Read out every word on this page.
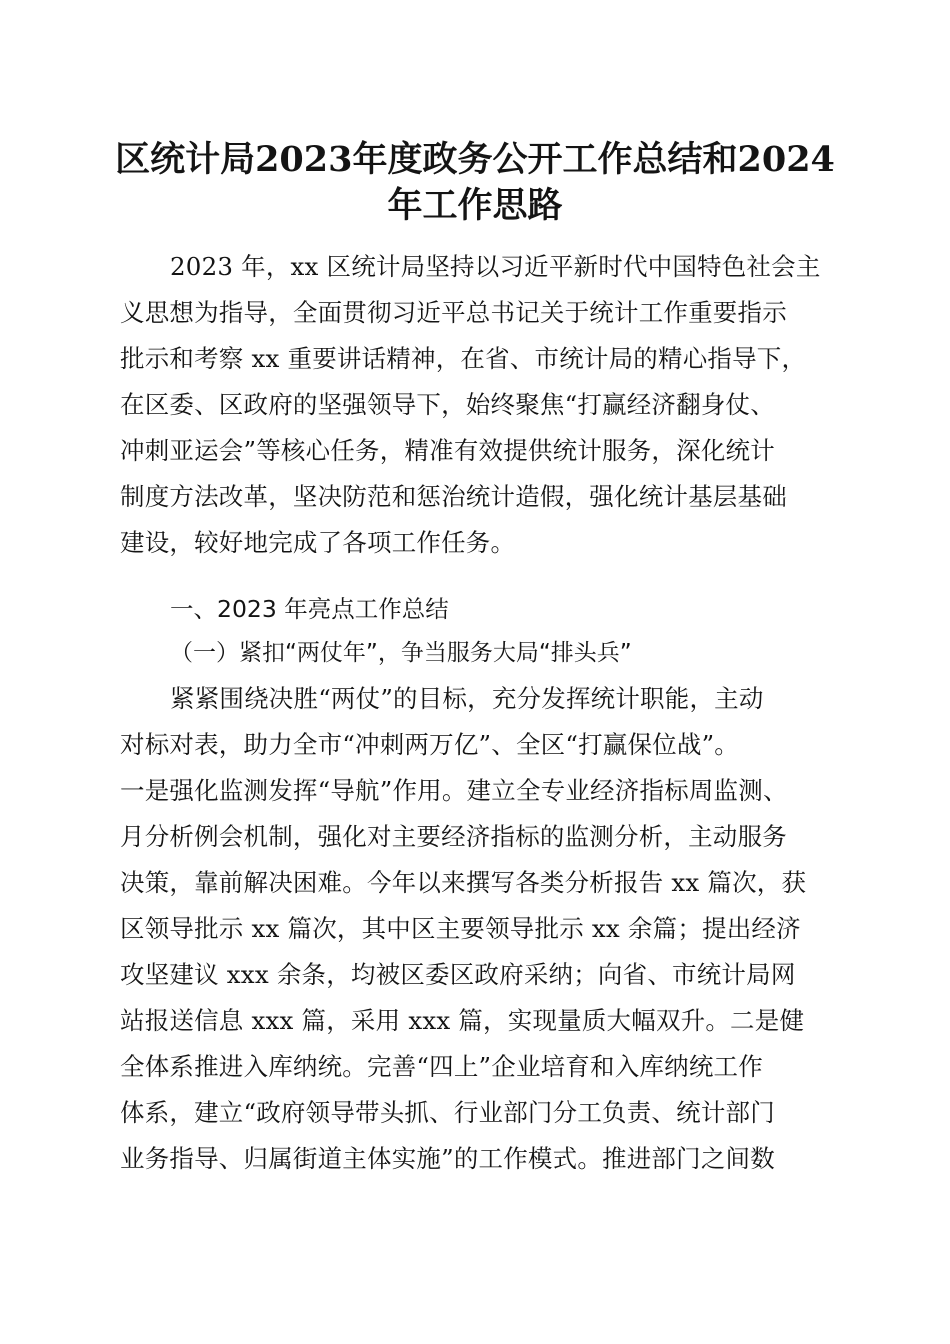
区统计局2023年度政务公开工作总结和2024
年工作思路
2023 年，xx 区统计局坚持以习近平新时代中国特色社会主
义思想为指导，全面贯彻习近平总书记关于统计工作重要指示
批示和考察 xx 重要讲话精神，在省、市统计局的精心指导下，
在区委、区政府的坚强领导下，始终聚焦“打赢经济翻身仗、
冲刺亚运会”等核心任务，精准有效提供统计服务，深化统计
制度方法改革，坚决防范和惩治统计造假，强化统计基层基础
建设，较好地完成了各项工作任务。
一、2023 年亮点工作总结
（一）紧扣“两仗年”，争当服务大局“排头兵”
紧紧围绕决胜“两仗”的目标，充分发挥统计职能，主动
对标对表，助力全市“冲刺两万亿”、全区“打赢保位战”。
一是强化监测发挥“导航”作用。建立全专业经济指标周监测、
月分析例会机制，强化对主要经济指标的监测分析，主动服务
决策，靠前解决困难。今年以来撰写各类分析报告 xx 篇次，获
区领导批示 xx 篇次，其中区主要领导批示 xx 余篇；提出经济
攻坚建议 xxx 余条，均被区委区政府采纳；向省、市统计局网
站报送信息 xxx 篇，采用 xxx 篇，实现量质大幅双升。二是健
全体系推进入库纳统。完善“四上”企业培育和入库纳统工作
体系，建立“政府领导带头抓、行业部门分工负责、统计部门
业务指导、归属街道主体实施”的工作模式。推进部门之间数
